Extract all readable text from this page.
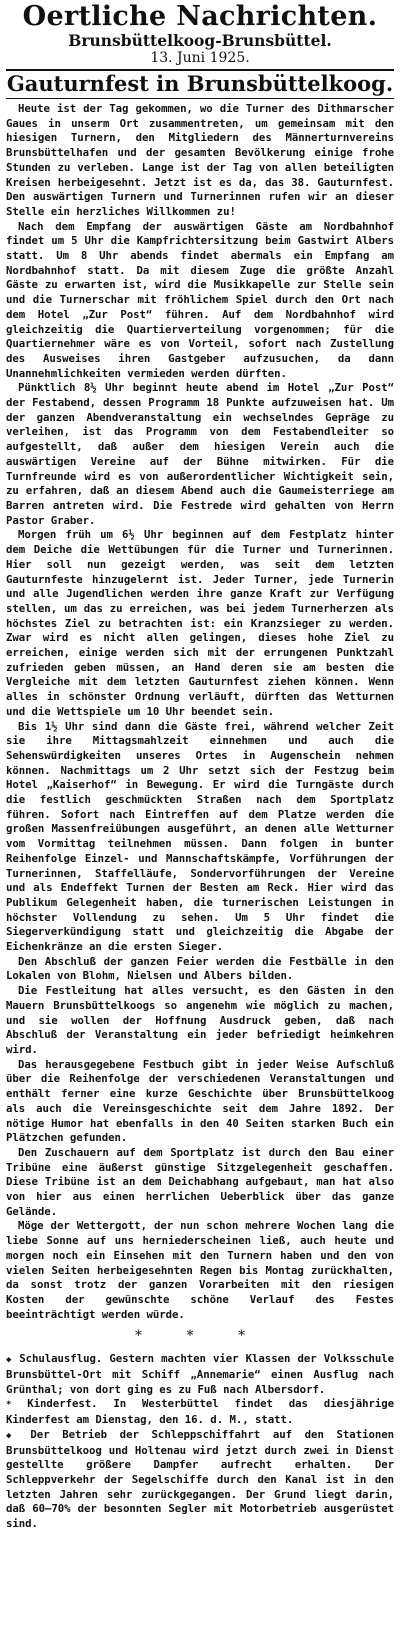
Oertliche Nachrichten.

Brunsbüttelkoog-Brunsbüttel.

13. Juni 1925.

Gauturnfest in Brunsbüttelkoog.

Heute ist der Tag gekommen, wo die Turner des Dithmarscher Gaues in unserm Ort zusammentreten, um gemeinsam mit den hiesigen Turnern, den Mitgliedern des Männerturnvereins Brunsbüttelhafen und der gesamten Bevölkerung einige frohe Stunden zu verleben. Lange ist der Tag von allen beteiligten Kreisen herbeigesehnt. Jetzt ist es da, das 38. Gauturnfest. Den auswärtigen Turnern und Turnerinnen rufen wir an dieser Stelle ein herzliches Willkommen zu!

Nach dem Empfang der auswärtigen Gäste am Nordbahnhof findet um 5 Uhr die Kampfrichtersitzung beim Gastwirt Albers statt. Um 8 Uhr abends findet abermals ein Empfang am Nordbahnhof statt. Da mit diesem Zuge die größte Anzahl Gäste zu erwarten ist, wird die Musikkapelle zur Stelle sein und die Turnerschar mit fröhlichem Spiel durch den Ort nach dem Hotel „Zur Post“ führen. Auf dem Nordbahnhof wird gleichzeitig die Quartierverteilung vorgenommen; für die Quartiernehmer wäre es von Vorteil, sofort nach Zustellung des Ausweises ihren Gastgeber aufzusuchen, da dann Unannehmlichkeiten vermieden werden dürften.

Pünktlich 8½ Uhr beginnt heute abend im Hotel „Zur Post“ der Festabend, dessen Programm 18 Punkte aufzuweisen hat. Um der ganzen Abendveranstaltung ein wechselndes Gepräge zu verleihen, ist das Programm von dem Festabendleiter so aufgestellt, daß außer dem hiesigen Verein auch die auswärtigen Vereine auf der Bühne mitwirken. Für die Turnfreunde wird es von außerordentlicher Wichtigkeit sein, zu erfahren, daß an diesem Abend auch die Gaumeisterriege am Barren antreten wird. Die Festrede wird gehalten von Herrn Pastor Graber.

Morgen früh um 6½ Uhr beginnen auf dem Festplatz hinter dem Deiche die Wettübungen für die Turner und Turnerinnen. Hier soll nun gezeigt werden, was seit dem letzten Gauturnfeste hinzugelernt ist. Jeder Turner, jede Turnerin und alle Jugendlichen werden ihre ganze Kraft zur Verfügung stellen, um das zu erreichen, was bei jedem Turnerherzen als höchstes Ziel zu betrachten ist: ein Kranzsieger zu werden. Zwar wird es nicht allen gelingen, dieses hohe Ziel zu erreichen, einige werden sich mit der errungenen Punktzahl zufrieden geben müssen, an Hand deren sie am besten die Vergleiche mit dem letzten Gauturnfest ziehen können. Wenn alles in schönster Ordnung verläuft, dürften das Wetturnen und die Wettspiele um 10 Uhr beendet sein.

Bis 1½ Uhr sind dann die Gäste frei, während welcher Zeit sie ihre Mittagsmahlzeit einnehmen und auch die Sehenswürdigkeiten unseres Ortes in Augenschein nehmen können. Nachmittags um 2 Uhr setzt sich der Festzug beim Hotel „Kaiserhof“ in Bewegung. Er wird die Turngäste durch die festlich geschmückten Straßen nach dem Sportplatz führen. Sofort nach Eintreffen auf dem Platze werden die großen Massenfreiübungen ausgeführt, an denen alle Wetturner vom Vormittag teilnehmen müssen. Dann folgen in bunter Reihenfolge Einzel- und Mannschaftskämpfe, Vorführungen der Turnerinnen, Staffelläufe, Sondervorführungen der Vereine und als Endeffekt Turnen der Besten am Reck. Hier wird das Publikum Gelegenheit haben, die turnerischen Leistungen in höchster Vollendung zu sehen. Um 5 Uhr findet die Siegerverkündigung statt und gleichzeitig die Abgabe der Eichenkränze an die ersten Sieger.

Den Abschluß der ganzen Feier werden die Festbälle in den Lokalen von Blohm, Nielsen und Albers bilden.

Die Festleitung hat alles versucht, es den Gästen in den Mauern Brunsbüttelkoogs so angenehm wie möglich zu machen, und sie wollen der Hoffnung Ausdruck geben, daß nach Abschluß der Veranstaltung ein jeder befriedigt heimkehren wird.

Das herausgegebene Festbuch gibt in jeder Weise Aufschluß über die Reihenfolge der verschiedenen Veranstaltungen und enthält ferner eine kurze Geschichte über Brunsbüttelkoog als auch die Vereinsgeschichte seit dem Jahre 1892. Der nötige Humor hat ebenfalls in den 40 Seiten starken Buch ein Plätzchen gefunden.

Den Zuschauern auf dem Sportplatz ist durch den Bau einer Tribüne eine äußerst günstige Sitzgelegenheit geschaffen. Diese Tribüne ist an dem Deichabhang aufgebaut, man hat also von hier aus einen herrlichen Ueberblick über das ganze Gelände.

Möge der Wettergott, der nun schon mehrere Wochen lang die liebe Sonne auf uns herniederscheinen ließ, auch heute und morgen noch ein Einsehen mit den Turnern haben und den von vielen Seiten herbeigesehnten Regen bis Montag zurückhalten, da sonst trotz der ganzen Vorarbeiten mit den riesigen Kosten der gewünschte schöne Verlauf des Festes beeinträchtigt werden würde.

* * *

◆ Schulausflug. Gestern machten vier Klassen der Volksschule Brunsbüttel-Ort mit Schiff „Annemarie“ einen Ausflug nach Grünthal; von dort ging es zu Fuß nach Albersdorf.

* Kinderfest. In Westerbüttel findet das diesjährige Kinderfest am Dienstag, den 16. d. M., statt.

◆ Der Betrieb der Schleppschiffahrt auf den Stationen Brunsbüttelkoog und Holtenau wird jetzt durch zwei in Dienst gestellte größere Dampfer aufrecht erhalten. Der Schleppverkehr der Segelschiffe durch den Kanal ist in den letzten Jahren sehr zurückgegangen. Der Grund liegt darin, daß 60—70% der besonnten Segler mit Motorbetrieb ausgerüstet sind.
